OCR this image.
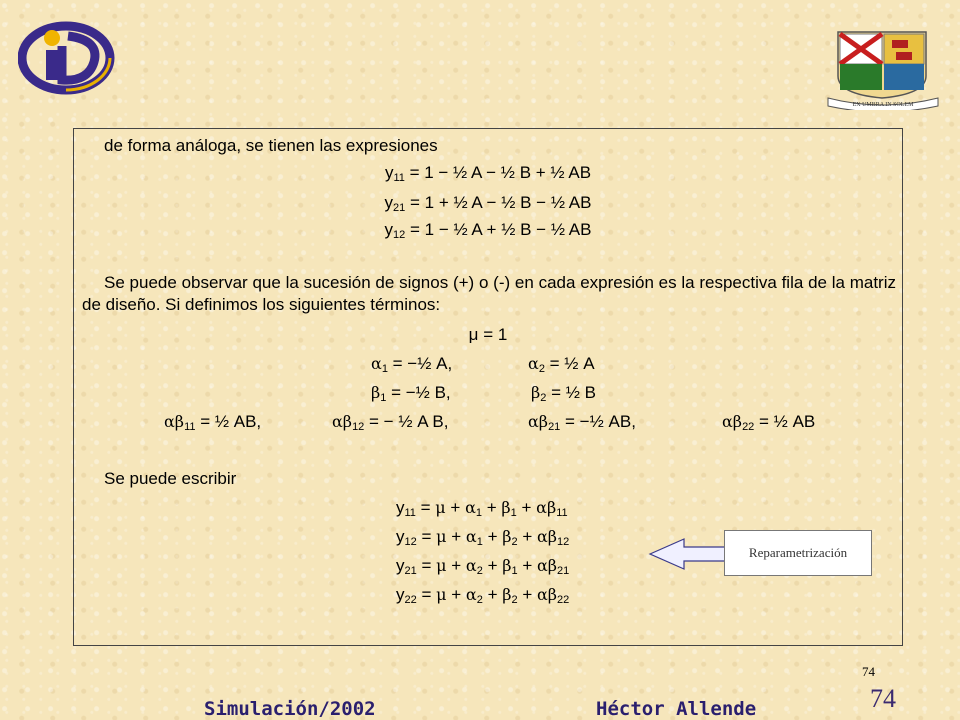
EX UMBRA IN SOLEM
de forma análoga, se tienen las expresiones
$y_{11} = 1$ − ½ A − ½ B + ½ AB
$y_{21} = 1$ + ½ A − ½ B − ½ AB
$y_{12} = 1$ − ½ A + ½ B − ½ AB
Se puede observar que la sucesión de signos (+) o (-) en cada expresión es la respectiva fila de la matriz de diseño. Si definimos los siguientes términos:
μ = 1
$\alpha_1$ = −½ A,	$\alpha_2$ = ½ A
$\beta_1$ = −½ B,	$\beta_2$ = ½ B
$\alpha\beta_{11}$ = ½ AB,	$\alpha\beta_{12}$ = − ½ A B,	$\alpha\beta_{21}$ = −½ AB,	$\alpha\beta_{22}$ = ½ AB
Se puede escribir
$y_{11} = \mu + \alpha_1 + \beta_1 + \alpha\beta_{11}$
$y_{12} = \mu + \alpha_1 + \beta_2 + \alpha\beta_{12}$
$y_{21} = \mu + \alpha_2 + \beta_1 + \alpha\beta_{21}$
$y_{22} = \mu + \alpha_2 + \beta_2 + \alpha\beta_{22}$
Reparametrización
74
74
Simulación/2002	Héctor Allende
